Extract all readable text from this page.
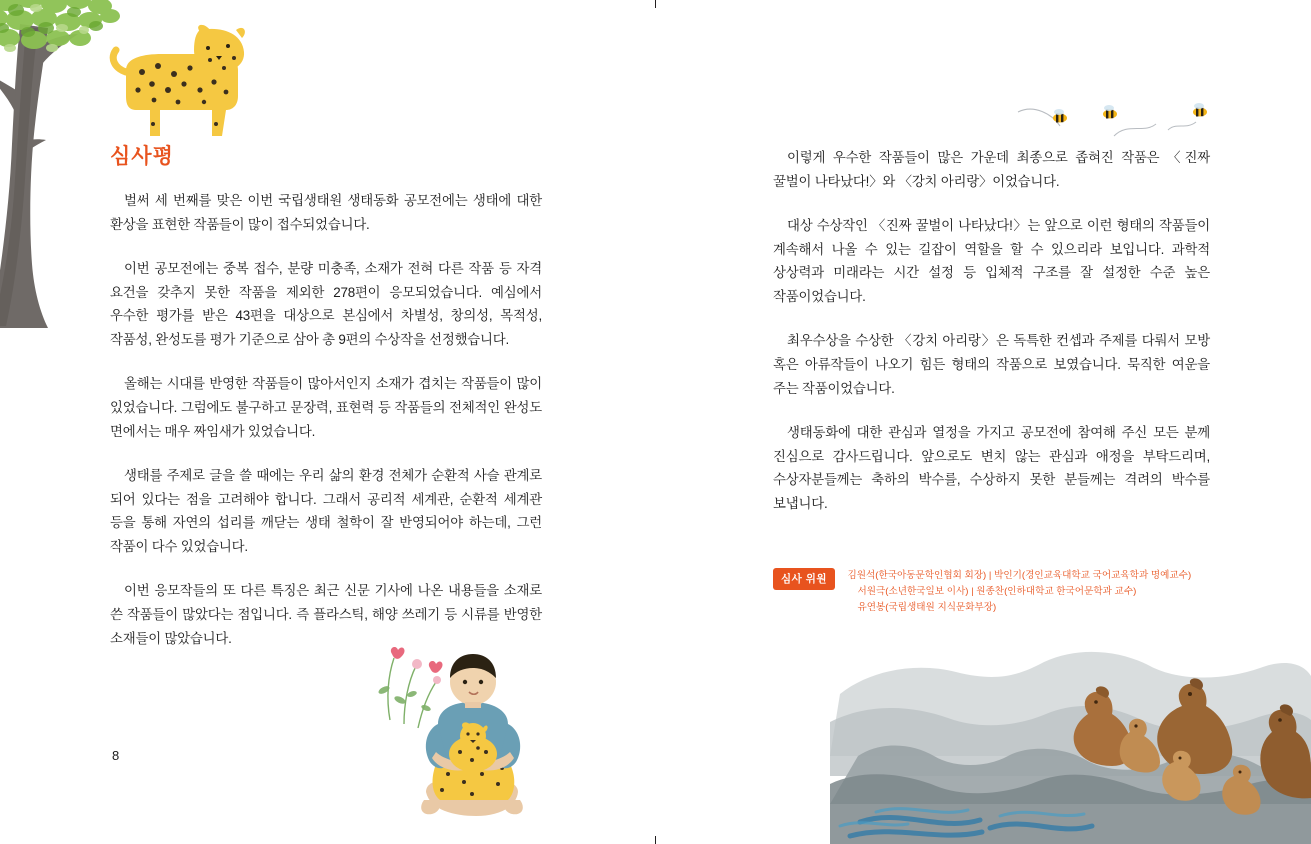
심사평

벌써 세 번째를 맞은 이번 국립생태원 생태동화 공모전에는 생태에 대한 환상을 표현한 작품들이 많이 접수되었습니다.

이번 공모전에는 중복 접수, 분량 미충족, 소재가 전혀 다른 작품 등 자격 요건을 갖추지 못한 작품을 제외한 278편이 응모되었습니다. 예심에서 우수한 평가를 받은 43편을 대상으로 본심에서 차별성, 창의성, 목적성, 작품성, 완성도를 평가 기준으로 삼아 총 9편의 수상작을 선정했습니다.

올해는 시대를 반영한 작품들이 많아서인지 소재가 겹치는 작품들이 많이 있었습니다. 그럼에도 불구하고 문장력, 표현력 등 작품들의 전체적인 완성도 면에서는 매우 짜임새가 있었습니다.

생태를 주제로 글을 쓸 때에는 우리 삶의 환경 전체가 순환적 사슬 관계로 되어 있다는 점을 고려해야 합니다. 그래서 공리적 세계관, 순환적 세계관 등을 통해 자연의 섭리를 깨닫는 생태 철학이 잘 반영되어야 하는데, 그런 작품이 다수 있었습니다.

이번 응모작들의 또 다른 특징은 최근 신문 기사에 나온 내용들을 소재로 쓴 작품들이 많았다는 점입니다. 즉 플라스틱, 해양 쓰레기 등 시류를 반영한 소재들이 많았습니다.

이렇게 우수한 작품들이 많은 가운데 최종으로 좁혀진 작품은 〈진짜 꿀벌이 나타났다!〉와 〈강치 아리랑〉이었습니다.

대상 수상작인 〈진짜 꿀벌이 나타났다!〉는 앞으로 이런 형태의 작품들이 계속해서 나올 수 있는 길잡이 역할을 할 수 있으리라 보입니다. 과학적 상상력과 미래라는 시간 설정 등 입체적 구조를 잘 설정한 수준 높은 작품이었습니다.

최우수상을 수상한 〈강치 아리랑〉은 독특한 컨셉과 주제를 다뤄서 모방 혹은 아류작들이 나오기 힘든 형태의 작품으로 보였습니다. 묵직한 여운을 주는 작품이었습니다.

생태동화에 대한 관심과 열정을 가지고 공모전에 참여해 주신 모든 분께 진심으로 감사드립니다. 앞으로도 변치 않는 관심과 애정을 부탁드리며, 수상자분들께는 축하의 박수를, 수상하지 못한 분들께는 격려의 박수를 보냅니다.

심사 위원 김원석(한국아동문학인협회 회장) | 박인기(경인교육대학교 국어교육학과 명예교수)
서원극(소년한국일보 이사) | 원종찬(인하대학교 한국어문학과 교수)
유연봉(국립생태원 지식문화부장)
8
